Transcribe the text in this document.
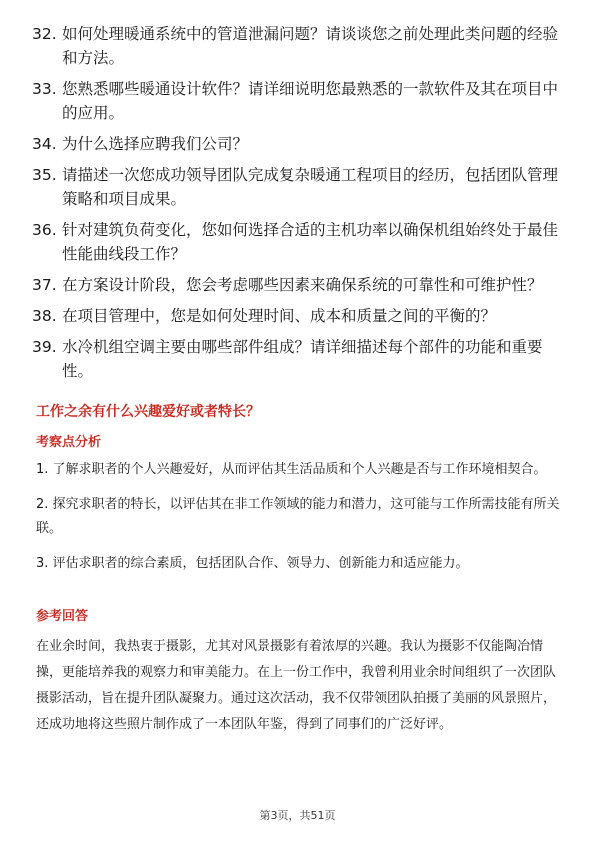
32. 如何处理暖通系统中的管道泄漏问题？请谈谈您之前处理此类问题的经验和方法。
33. 您熟悉哪些暖通设计软件？请详细说明您最熟悉的一款软件及其在项目中的应用。
34. 为什么选择应聘我们公司？
35. 请描述一次您成功领导团队完成复杂暖通工程项目的经历，包括团队管理策略和项目成果。
36. 针对建筑负荷变化，您如何选择合适的主机功率以确保机组始终处于最佳性能曲线段工作？
37. 在方案设计阶段，您会考虑哪些因素来确保系统的可靠性和可维护性？
38. 在项目管理中，您是如何处理时间、成本和质量之间的平衡的？
39. 水冷机组空调主要由哪些部件组成？请详细描述每个部件的功能和重要性。
工作之余有什么兴趣爱好或者特长？
考察点分析
1. 了解求职者的个人兴趣爱好，从而评估其生活品质和个人兴趣是否与工作环境相契合。
2. 探究求职者的特长，以评估其在非工作领域的能力和潜力，这可能与工作所需技能有所关联。
3. 评估求职者的综合素质，包括团队合作、领导力、创新能力和适应能力。
参考回答

在业余时间，我热衷于摄影，尤其对风景摄影有着浓厚的兴趣。我认为摄影不仅能陶冶情操，更能培养我的观察力和审美能力。在上一份工作中，我曾利用业余时间组织了一次团队摄影活动，旨在提升团队凝聚力。通过这次活动，我不仅带领团队拍摄了美丽的风景照片，还成功地将这些照片制作成了一本团队年鉴，得到了同事们的广泛好评。

第3页，共51页
